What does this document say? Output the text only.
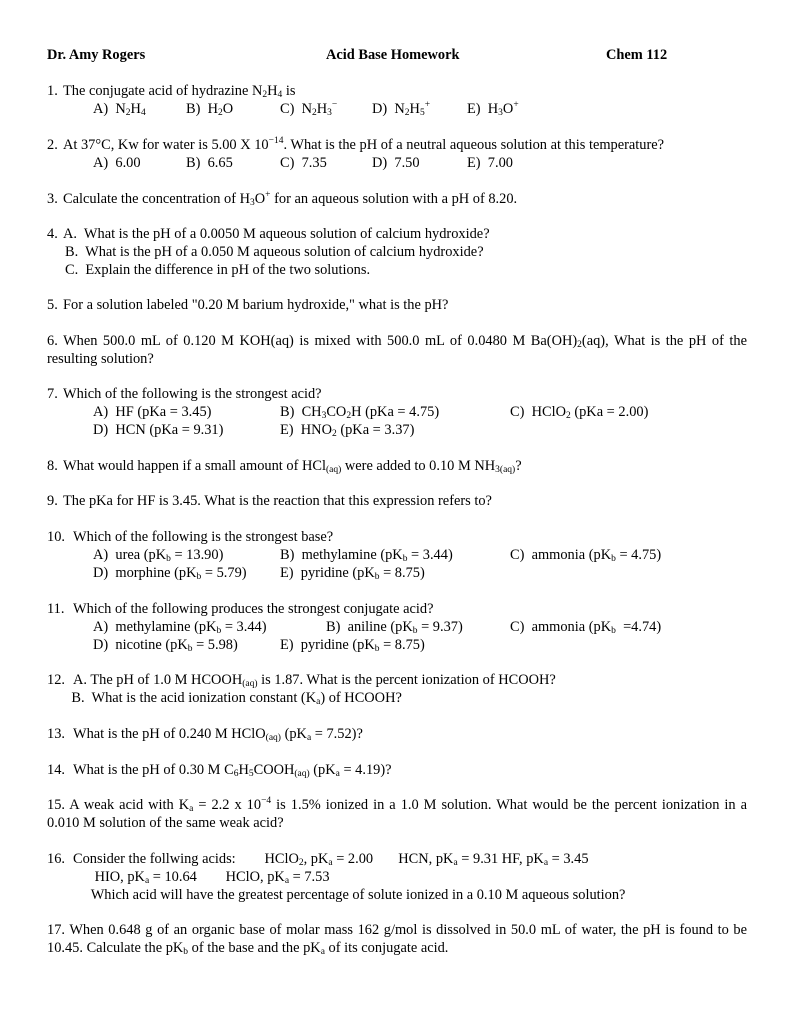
Dr. Amy Rogers	Acid Base Homework	Chem 112
1. The conjugate acid of hydrazine $N_2H_4$ is
A)  $N_2H_4$	B)  $H_2O$	C)  $N_2H_3^-$ D)  $N_2H_5^+$	E)  $H_3O^+$
2. At 37°C, Kw for water is 5.00 X $10^{-14}$. What is the pH of a neutral aqueous solution at this temperature?
A)  6.00	B)  6.65	C)  7.35	D)  7.50	E)  7.00
3. Calculate the concentration of $H_3O^+$ for an aqueous solution with a pH of 8.20.
4. A.  What is the pH of a 0.0050 M aqueous solution of calcium hydroxide?
B.  What is the pH of a 0.050 M aqueous solution of calcium hydroxide?
C.  Explain the difference in pH of the two solutions.
5. For a solution labeled "0.20 M barium hydroxide," what is the pH?
6. When 500.0 mL of 0.120 M KOH(aq) is mixed with 500.0 mL of 0.0480 M $Ba(OH)_2(aq)$, What is the pH of the resulting solution?
7. Which of the following is the strongest acid?
A)  HF (pKa = 3.45)	B)  $CH_3CO_2H$ (pKa = 4.75)	C)  HClO$_2$ (pKa = 2.00)
D)  HCN (pKa = 9.31)	E)  $HNO_2$ (pKa = 3.37)
8. What would happen if a small amount of HCl$_{(aq)}$ were added to 0.10 M $NH_{3(aq)}$?
9. The pKa for HF is 3.45. What is the reaction that this expression refers to?
10. Which of the following is the strongest base?
A)  urea $(pK_b = 13.90)$	B)  methylamine $(pK_b = 3.44)$	C)  ammonia $(pK_b = 4.75)$
D)  morphine $(pK_b = 5.79)$ E)  pyridine $(pK_b = 8.75)$
11. Which of the following produces the strongest conjugate acid?
A)  methylamine $(pK_b = 3.44)$	B)  aniline $(pK_b = 9.37)$	C)  ammonia $(pK_b =4.74)$
D)  nicotine $(pK_b = 5.98)$	E)  pyridine $(pK_b = 8.75)$
12. A. The pH of 1.0 M $HCOOH_{(aq)}$ is 1.87. What is the percent ionization of HCOOH?
B.  What is the acid ionization constant $(K_a)$ of HCOOH?
13. What is the pH of 0.240 M HClO$_{(aq)}$ $(pK_a = 7.52)$?
14. What is the pH of 0.30 M $C_6H_5COOH_{(aq)}$ $(pK_a = 4.19)$?
15. A weak acid with $K_a = 2.2$ x $10^{-4}$ is 1.5% ionized in a 1.0 M solution. What would be the percent ionization in a 0.010 M solution of the same weak acid?
16. Consider the follwing acids:        HClO$_2$, $pK_a = 2.00$       HCN, $pK_a = 9.31$ HF, $pK_a = 3.45$
HIO, $pK_a = 10.64$        HClO, $pK_a = 7.53$
Which acid will have the greatest percentage of solute ionized in a 0.10 M aqueous solution?
17. When 0.648 g of an organic base of molar mass 162 g/mol is dissolved in 50.0 mL of water, the pH is found to be 10.45. Calculate the $pK_b$ of the base and the $pK_a$ of its conjugate acid.
